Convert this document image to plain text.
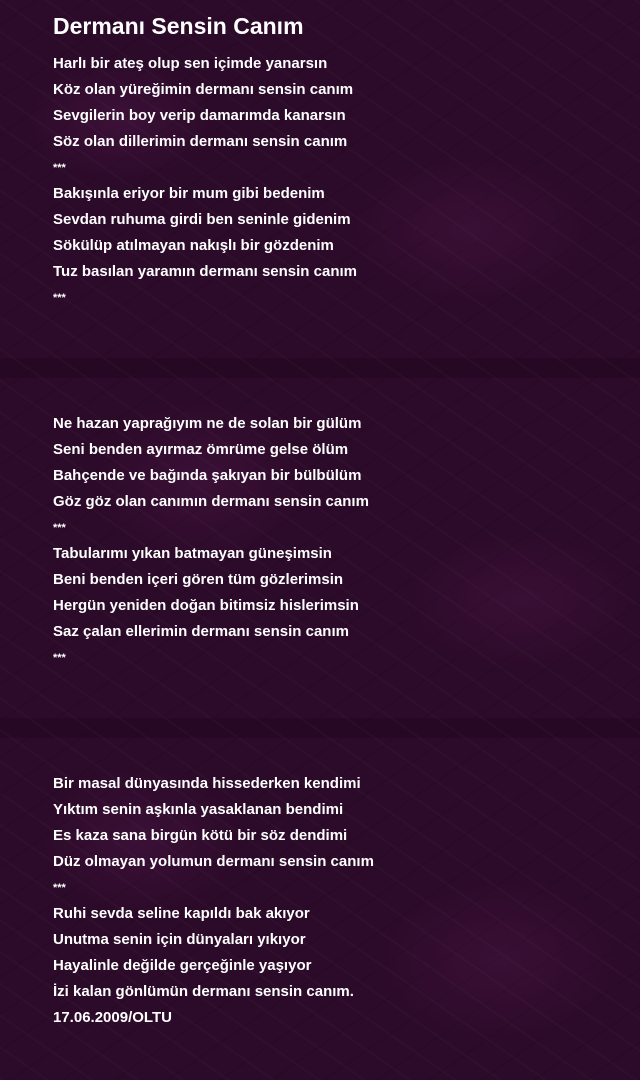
Dermanı Sensin Canım
Harlı bir ateş olup sen içimde yanarsın
Köz olan yüreğimin dermanı sensin canım
Sevgilerin boy verip damarımda kanarsın
Söz olan dillerimin dermanı sensin canım
***
Bakışınla eriyor bir mum gibi bedenim
Sevdan ruhuma girdi ben seninle gidenim
Sökülüp atılmayan nakışlı bir gözdenim
Tuz basılan yaramın dermanı sensin canım
***
Ne hazan yaprağıyım ne de solan bir gülüm
Seni benden ayırmaz ömrüme gelse ölüm
Bahçende ve bağında şakıyan bir bülbülüm
Göz göz olan canımın dermanı sensin canım
***
Tabularımı yıkan batmayan güneşimsin
Beni benden içeri gören tüm gözlerimsin
Hergün yeniden doğan bitimsiz hislerimsin
Saz çalan ellerimin dermanı sensin canım
***
Bir masal dünyasında hissederken kendimi
Yıktım senin aşkınla yasaklanan bendimi
Es kaza sana birgün kötü bir söz dendimi
Düz olmayan yolumun dermanı sensin canım
***
Ruhi sevda seline kapıldı bak akıyor
Unutma senin için dünyaları yıkıyor
Hayalinle değilde gerçeğinle yaşıyor
İzi kalan gönlümün dermanı sensin canım.
17.06.2009/OLTU
